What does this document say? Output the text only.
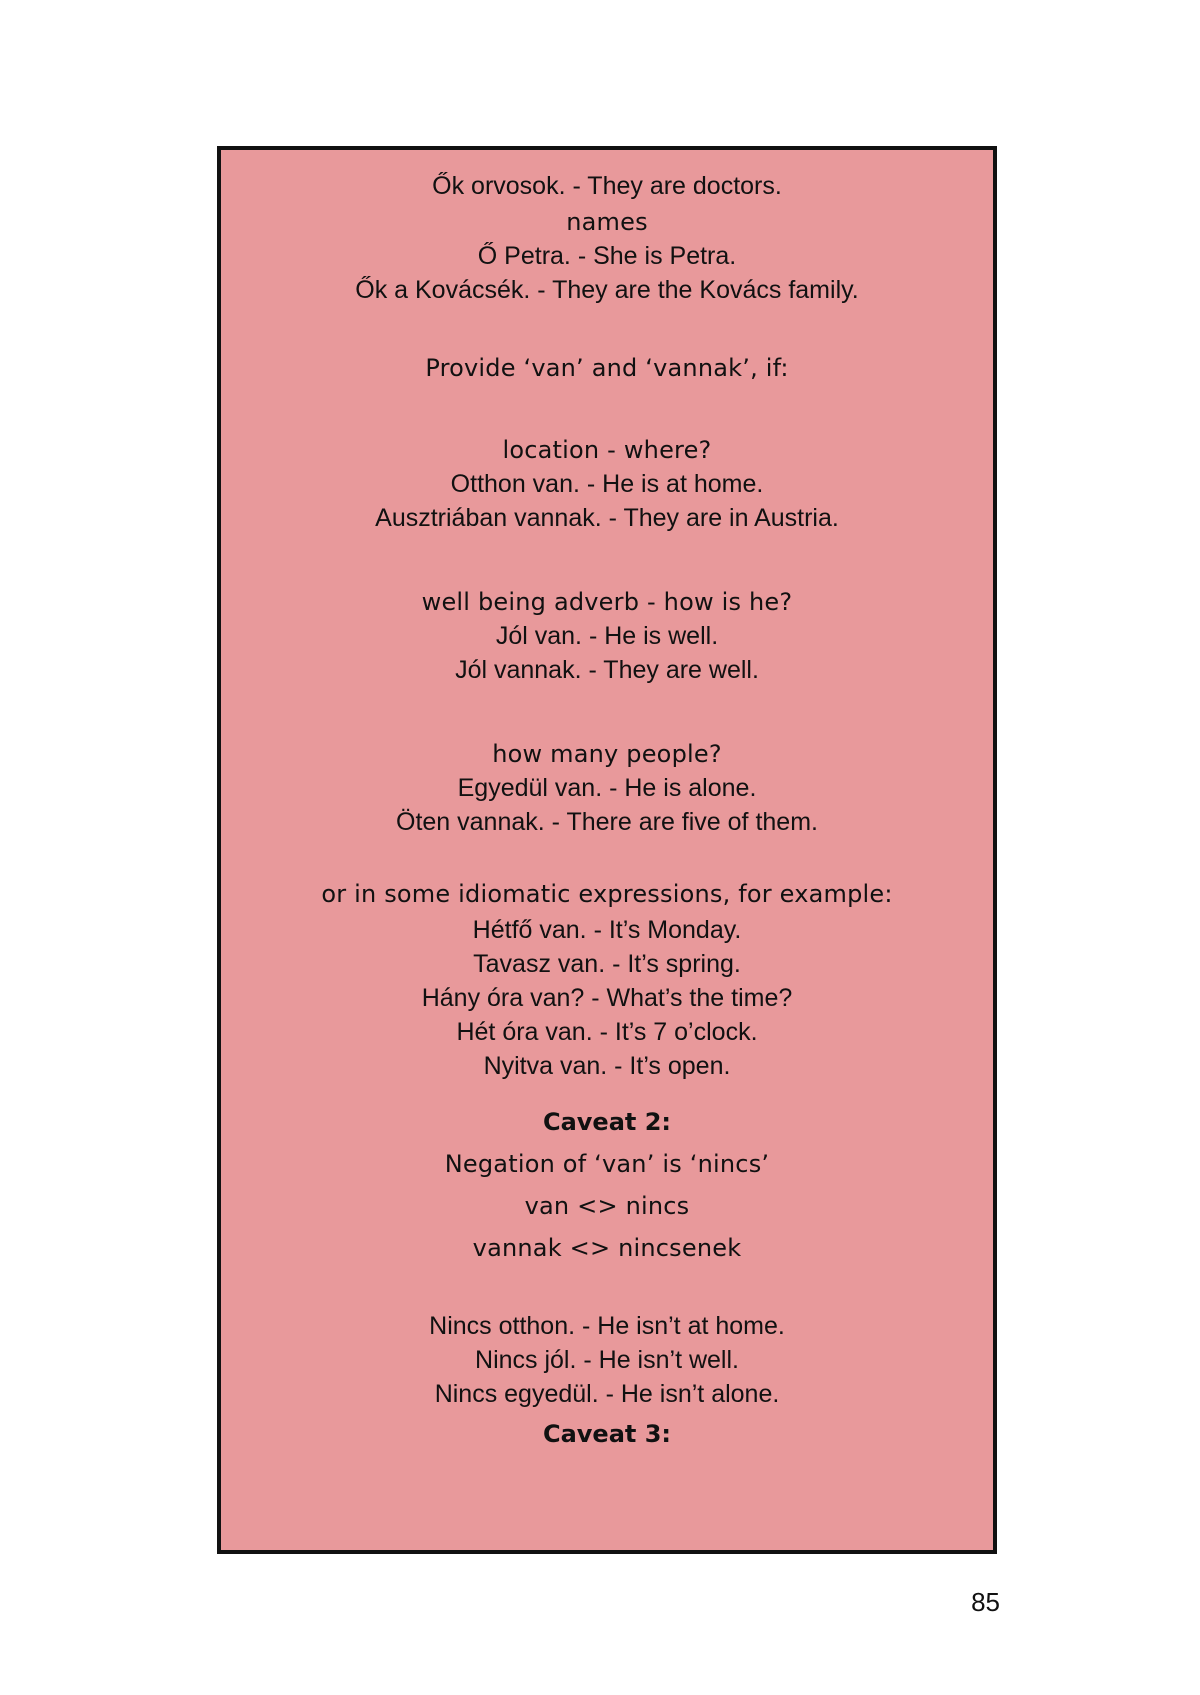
Ők orvosok. - They are doctors.
names
Ő Petra. - She is Petra.
Ők a Kovácsék. - They are the Kovács family.
Provide ‘van’ and ‘vannak’, if:
location - where?
Otthon van. - He is at home.
Ausztriában vannak. - They are in Austria.
well being adverb - how is he?
Jól van. - He is well.
Jól vannak. - They are well.
how many people?
Egyedül van. - He is alone.
Öten vannak. - There are five of them.
or in some idiomatic expressions, for example:
Hétfő van. - It’s Monday.
Tavasz van. - It’s spring.
Hány óra van? - What’s the time?
Hét óra van. - It’s 7 o’clock.
Nyitva van. - It’s open.
Caveat 2:
Negation of ‘van’ is ‘nincs’
van <> nincs
vannak <> nincsenek
Nincs otthon. - He isn’t at home.
Nincs jól. - He isn’t well.
Nincs egyedül. - He isn’t alone.
Caveat 3:
85
